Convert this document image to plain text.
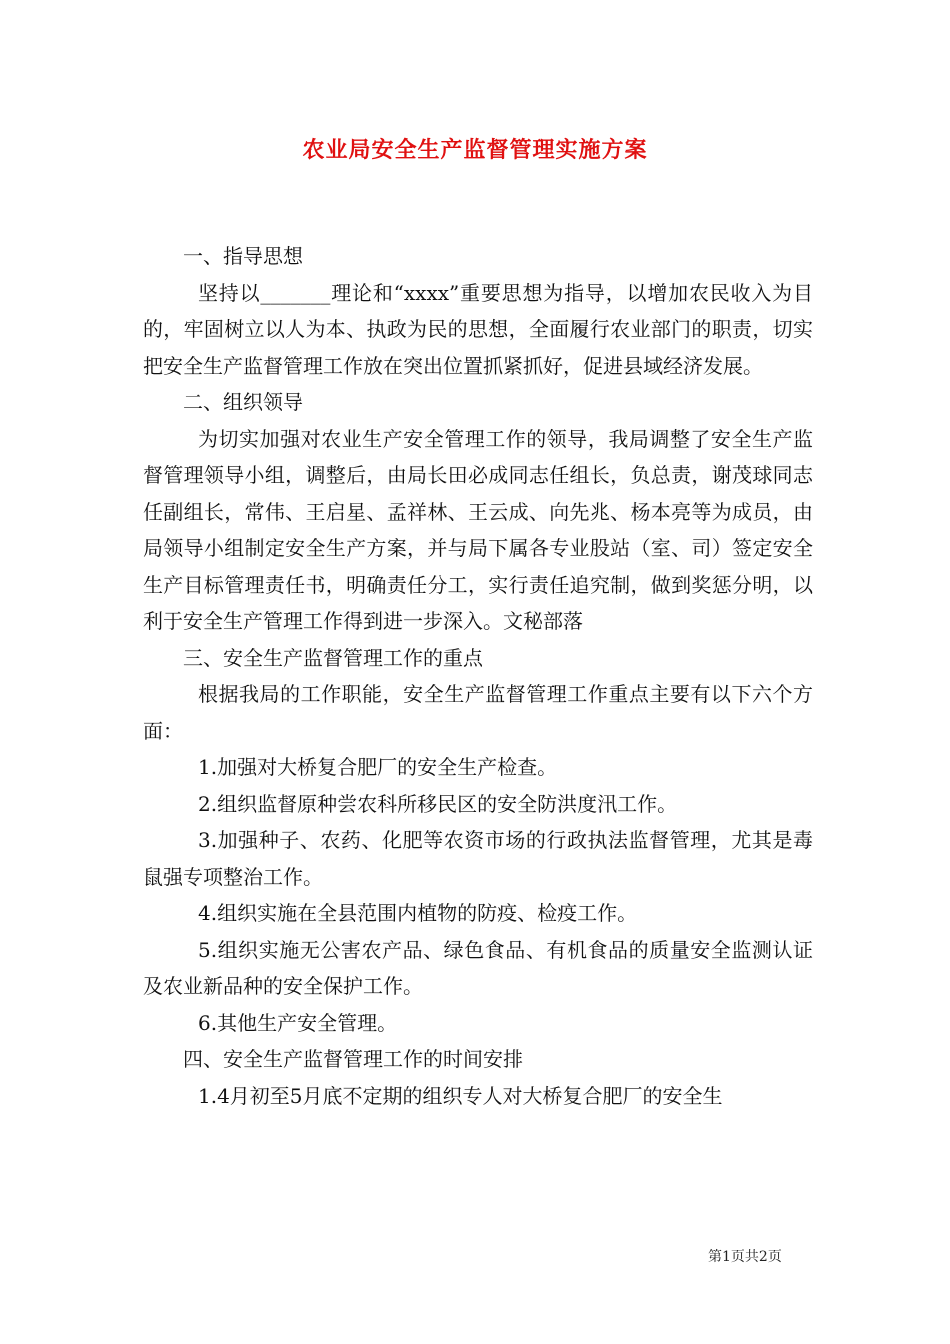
农业局安全生产监督管理实施方案

一、指导思想

坚持以_______理论和“xxxx”重要思想为指导，以增加农民收入为目的，牢固树立以人为本、执政为民的思想，全面履行农业部门的职责，切实把安全生产监督管理工作放在突出位置抓紧抓好，促进县域经济发展。

二、组织领导

为切实加强对农业生产安全管理工作的领导，我局调整了安全生产监督管理领导小组，调整后，由局长田必成同志任组长，负总责，谢茂球同志任副组长，常伟、王启星、孟祥林、王云成、向先兆、杨本亮等为成员，由局领导小组制定安全生产方案，并与局下属各专业股站（室、司）签定安全生产目标管理责任书，明确责任分工，实行责任追究制，做到奖惩分明，以利于安全生产管理工作得到进一步深入。文秘部落

三、安全生产监督管理工作的重点

根据我局的工作职能，安全生产监督管理工作重点主要有以下六个方面：

1.加强对大桥复合肥厂的安全生产检查。

2.组织监督原种尝农科所移民区的安全防洪度汛工作。

3.加强种子、农药、化肥等农资市场的行政执法监督管理，尤其是毒鼠强专项整治工作。

4.组织实施在全县范围内植物的防疫、检疫工作。

5.组织实施无公害农产品、绿色食品、有机食品的质量安全监测认证及农业新品种的安全保护工作。

6.其他生产安全管理。

四、安全生产监督管理工作的时间安排

1.4月初至5月底不定期的组织专人对大桥复合肥厂的安全生

第1页共2页
